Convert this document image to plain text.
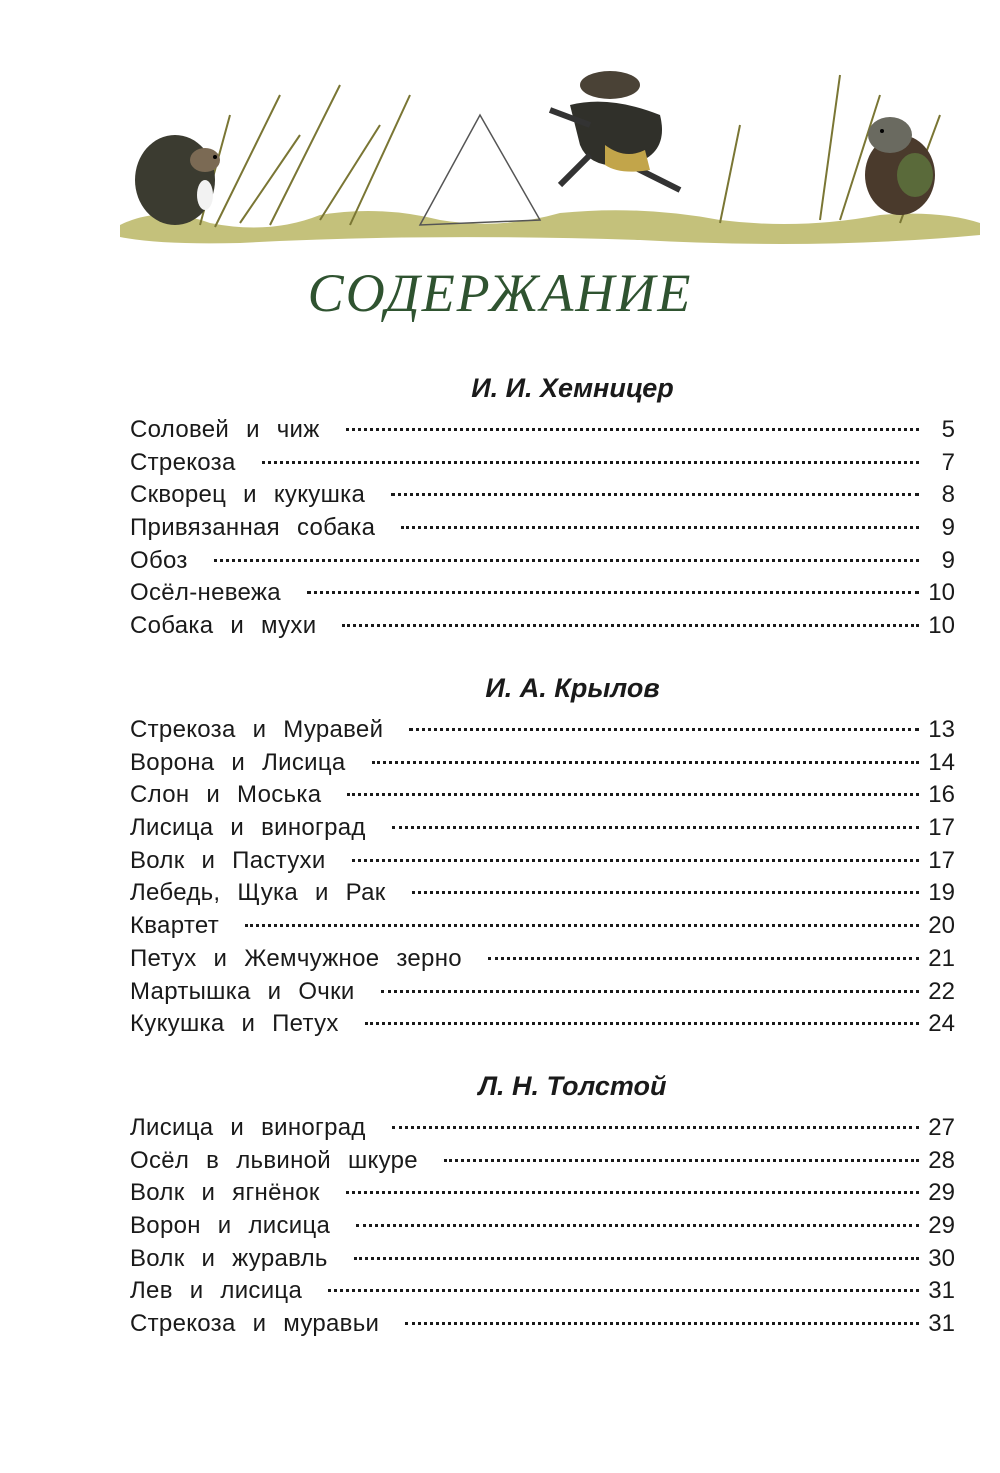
СОДЕРЖАНИЕ
И. И. Хемницер
Соловей и чиж	5
Стрекоза	7
Скворец и кукушка	8
Привязанная собака	9
Обоз	9
Осёл-невежа	10
Собака и мухи	10
И. А. Крылов
Стрекоза и Муравей	13
Ворона и Лисица	14
Слон и Моська	16
Лисица и виноград	17
Волк и Пастухи	17
Лебедь, Щука и Рак	19
Квартет	20
Петух и Жемчужное зерно	21
Мартышка и Очки	22
Кукушка и Петух	24
Л. Н. Толстой
Лисица и виноград	27
Осёл в львиной шкуре	28
Волк и ягнёнок	29
Ворон и лисица	29
Волк и журавль	30
Лев и лисица	31
Стрекоза и муравьи	31
